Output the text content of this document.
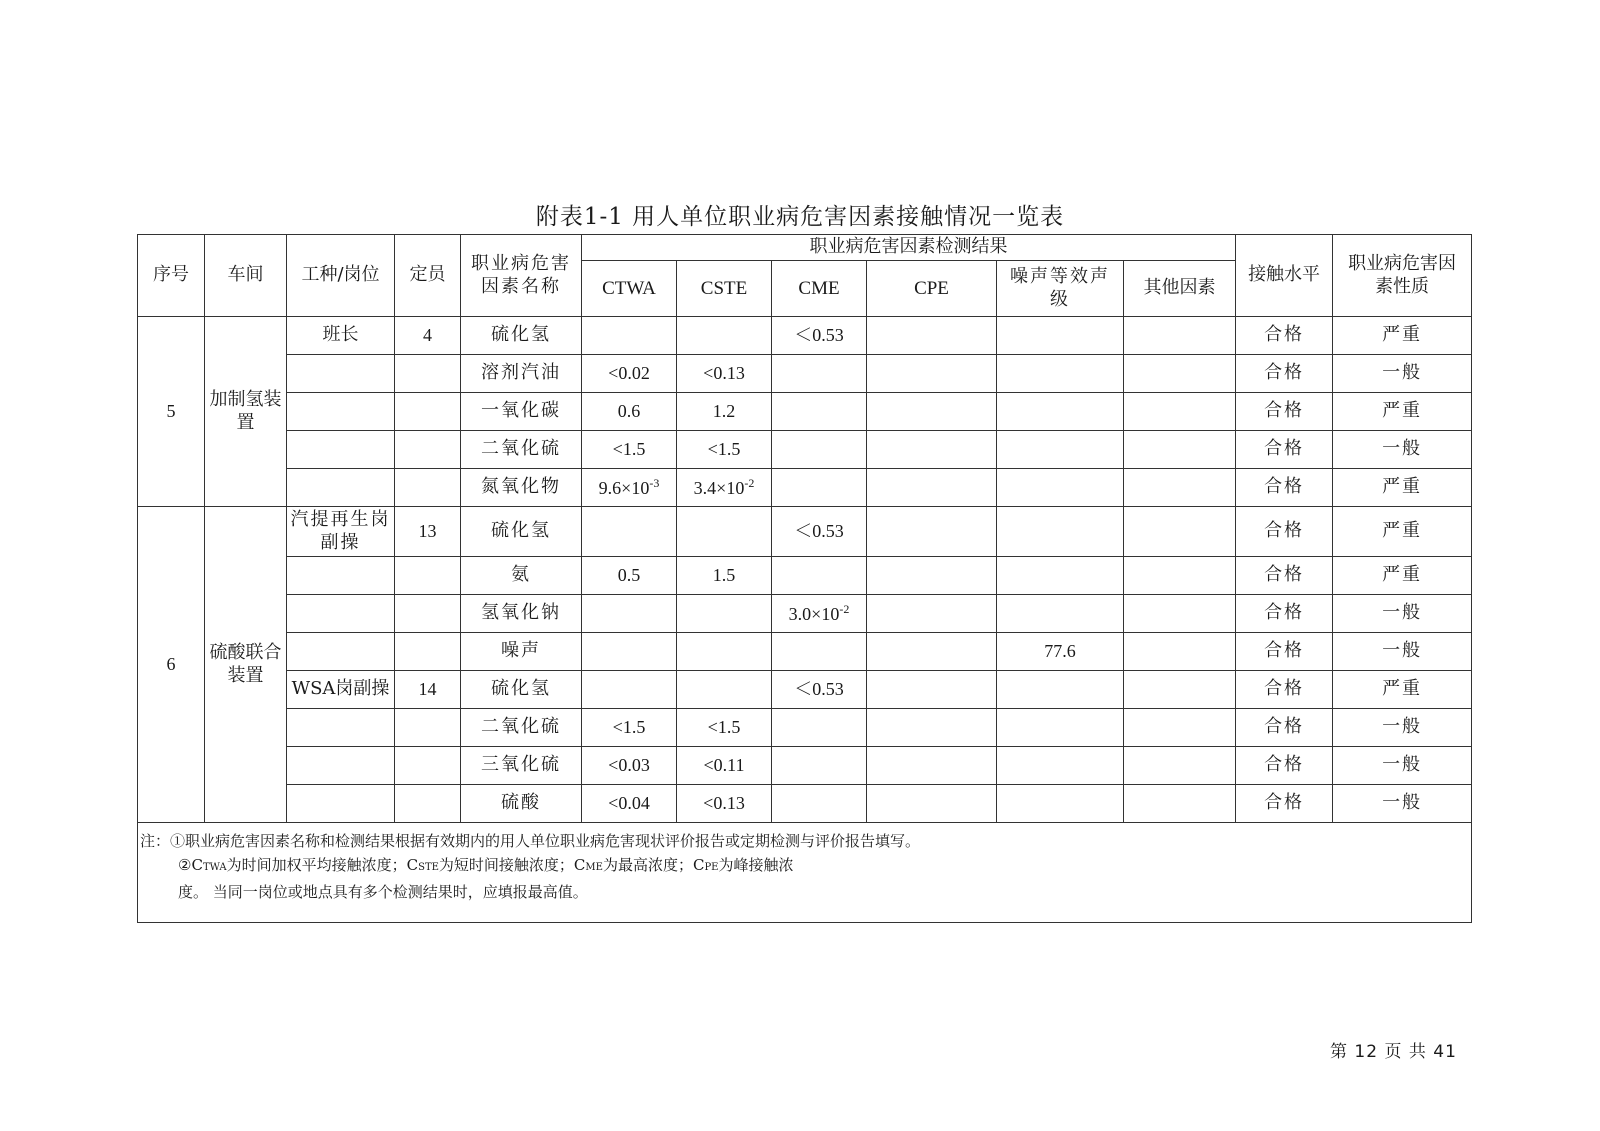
附表1-1 用人单位职业病危害因素接触情况一览表
序号	车间	工种/岗位	定员	职业病危害因素名称	职业病危害因素检测结果						接触水平	职业病危害因素性质
					CTWA	CSTE	CME	CPE	噪声等效声级	其他因素		
5	加制氢装置	班长	4	硫化氢			＜0.53				合格	严重
				溶剂汽油	<0.02	<0.13					合格	一般
				一氧化碳	0.6	1.2					合格	严重
				二氧化硫	<1.5	<1.5					合格	一般
				氮氧化物	$9.6\times 10^{-3}$	$3.4\times 10^{-2}$					合格	严重
6	硫酸联合装置	汽提再生岗副操	13	硫化氢			＜0.53				合格	严重
				氨	0.5	1.5					合格	严重
				氢氧化钠			$3.0\times 10^{-2}$				合格	一般
				噪声					77.6		合格	一般
		WSA岗副操	14	硫化氢			＜0.53				合格	严重
				二氧化硫	<1.5	<1.5					合格	一般
				三氧化硫	<0.03	<0.11					合格	一般
				硫酸	<0.04	<0.13					合格	一般

注：①职业病危害因素名称和检测结果根据有效期内的用人单位职业病危害现状评价报告或定期检测与评价报告填写。
②CTWA为时间加权平均接触浓度；CSTE为短时间接触浓度；CME为最高浓度；CPE为峰接触浓
度。 当同一岗位或地点具有多个检测结果时，应填报最高值。												
第 12 页 共 41
